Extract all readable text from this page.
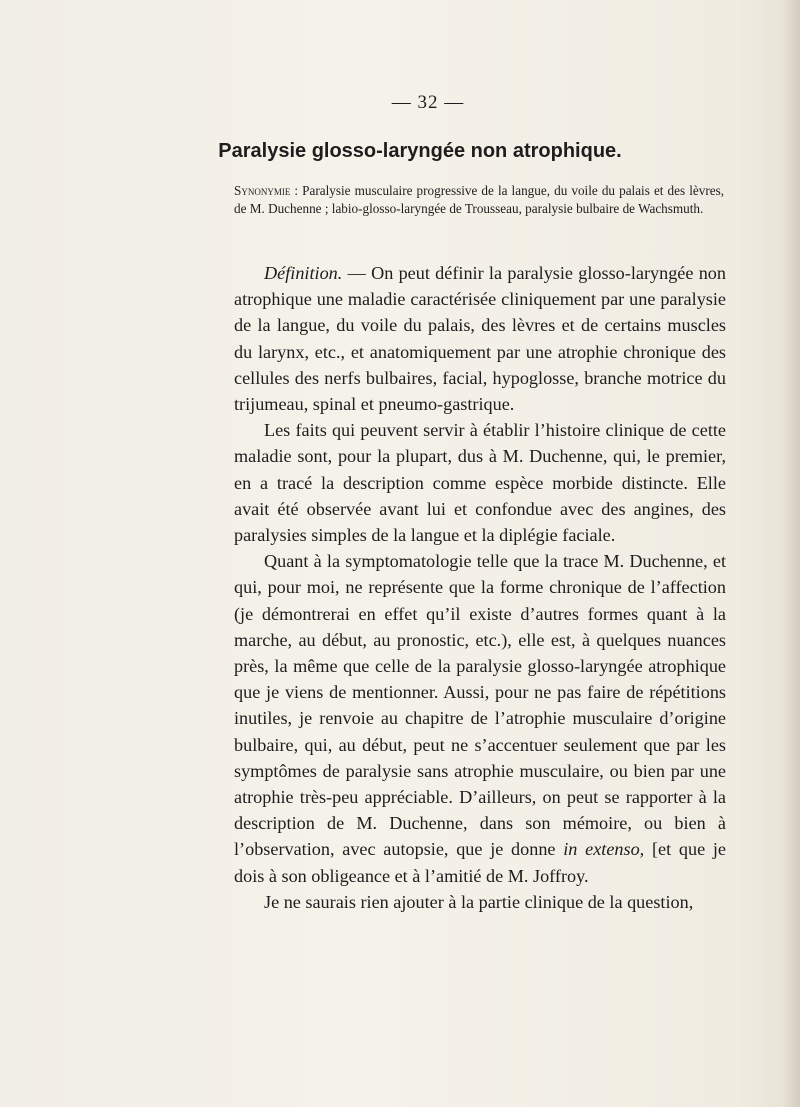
— 32 —
Paralysie glosso-laryngée non atrophique.
Synonymie : Paralysie musculaire progressive de la langue, du voile du palais et des lèvres, de M. Duchenne ; labio-glosso-laryngée de Trousseau, paralysie bulbaire de Wachsmuth.

Définition. — On peut définir la paralysie glosso-laryngée non atrophique une maladie caractérisée cliniquement par une paralysie de la langue, du voile du palais, des lèvres et de certains muscles du larynx, etc., et anatomiquement par une atrophie chronique des cellules des nerfs bulbaires, facial, hypoglosse, branche motrice du trijumeau, spinal et pneumo-gastrique.

Les faits qui peuvent servir à établir l’histoire clinique de cette maladie sont, pour la plupart, dus à M. Duchenne, qui, le premier, en a tracé la description comme espèce morbide distincte. Elle avait été observée avant lui et confondue avec des angines, des paralysies simples de la langue et la diplégie faciale.

Quant à la symptomatologie telle que la trace M. Duchenne, et qui, pour moi, ne représente que la forme chronique de l’affection (je démontrerai en effet qu’il existe d’autres formes quant à la marche, au début, au pronostic, etc.), elle est, à quelques nuances près, la même que celle de la paralysie glosso-laryngée atrophique que je viens de mentionner. Aussi, pour ne pas faire de répétitions inutiles, je renvoie au chapitre de l’atrophie musculaire d’origine bulbaire, qui, au début, peut ne s’accentuer seulement que par les symptômes de paralysie sans atrophie musculaire, ou bien par une atrophie très-peu appréciable. D’ailleurs, on peut se rapporter à la description de M. Duchenne, dans son mémoire, ou bien à l’observation, avec autopsie, que je donne in extenso, [et que je dois à son obligeance et à l’amitié de M. Joffroy.

Je ne saurais rien ajouter à la partie clinique de la question,
